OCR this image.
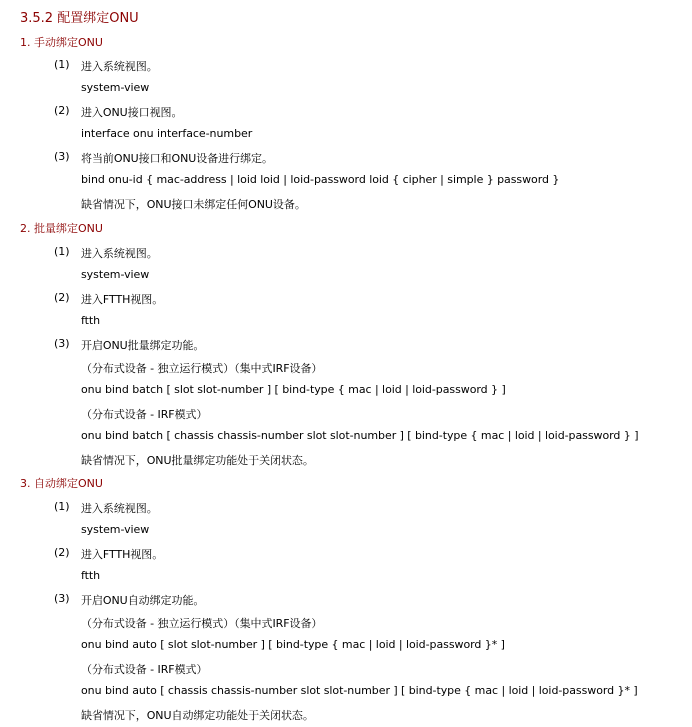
3.5.2 配置绑定ONU
1. 手动绑定ONU
(1) 进入系统视图。
system-view
(2) 进入ONU接口视图。
interface onu interface-number
(3) 将当前ONU接口和ONU设备进行绑定。
bind onu-id { mac-address | loid loid | loid-password loid { cipher | simple } password }
缺省情况下，ONU接口未绑定任何ONU设备。
2. 批量绑定ONU
(1) 进入系统视图。
system-view
(2) 进入FTTH视图。
ftth
(3) 开启ONU批量绑定功能。
（分布式设备 - 独立运行模式）（集中式IRF设备）
onu bind batch [ slot slot-number ] [ bind-type { mac | loid | loid-password } ]
（分布式设备 - IRF模式）
onu bind batch [ chassis chassis-number slot slot-number ] [ bind-type { mac | loid | loid-password } ]
缺省情况下，ONU批量绑定功能处于关闭状态。
3. 自动绑定ONU
(1) 进入系统视图。
system-view
(2) 进入FTTH视图。
ftth
(3) 开启ONU自动绑定功能。
（分布式设备 - 独立运行模式）（集中式IRF设备）
onu bind auto [ slot slot-number ] [ bind-type { mac | loid | loid-password }* ]
（分布式设备 - IRF模式）
onu bind auto [ chassis chassis-number slot slot-number ] [ bind-type { mac | loid | loid-password }* ]
缺省情况下，ONU自动绑定功能处于关闭状态。
